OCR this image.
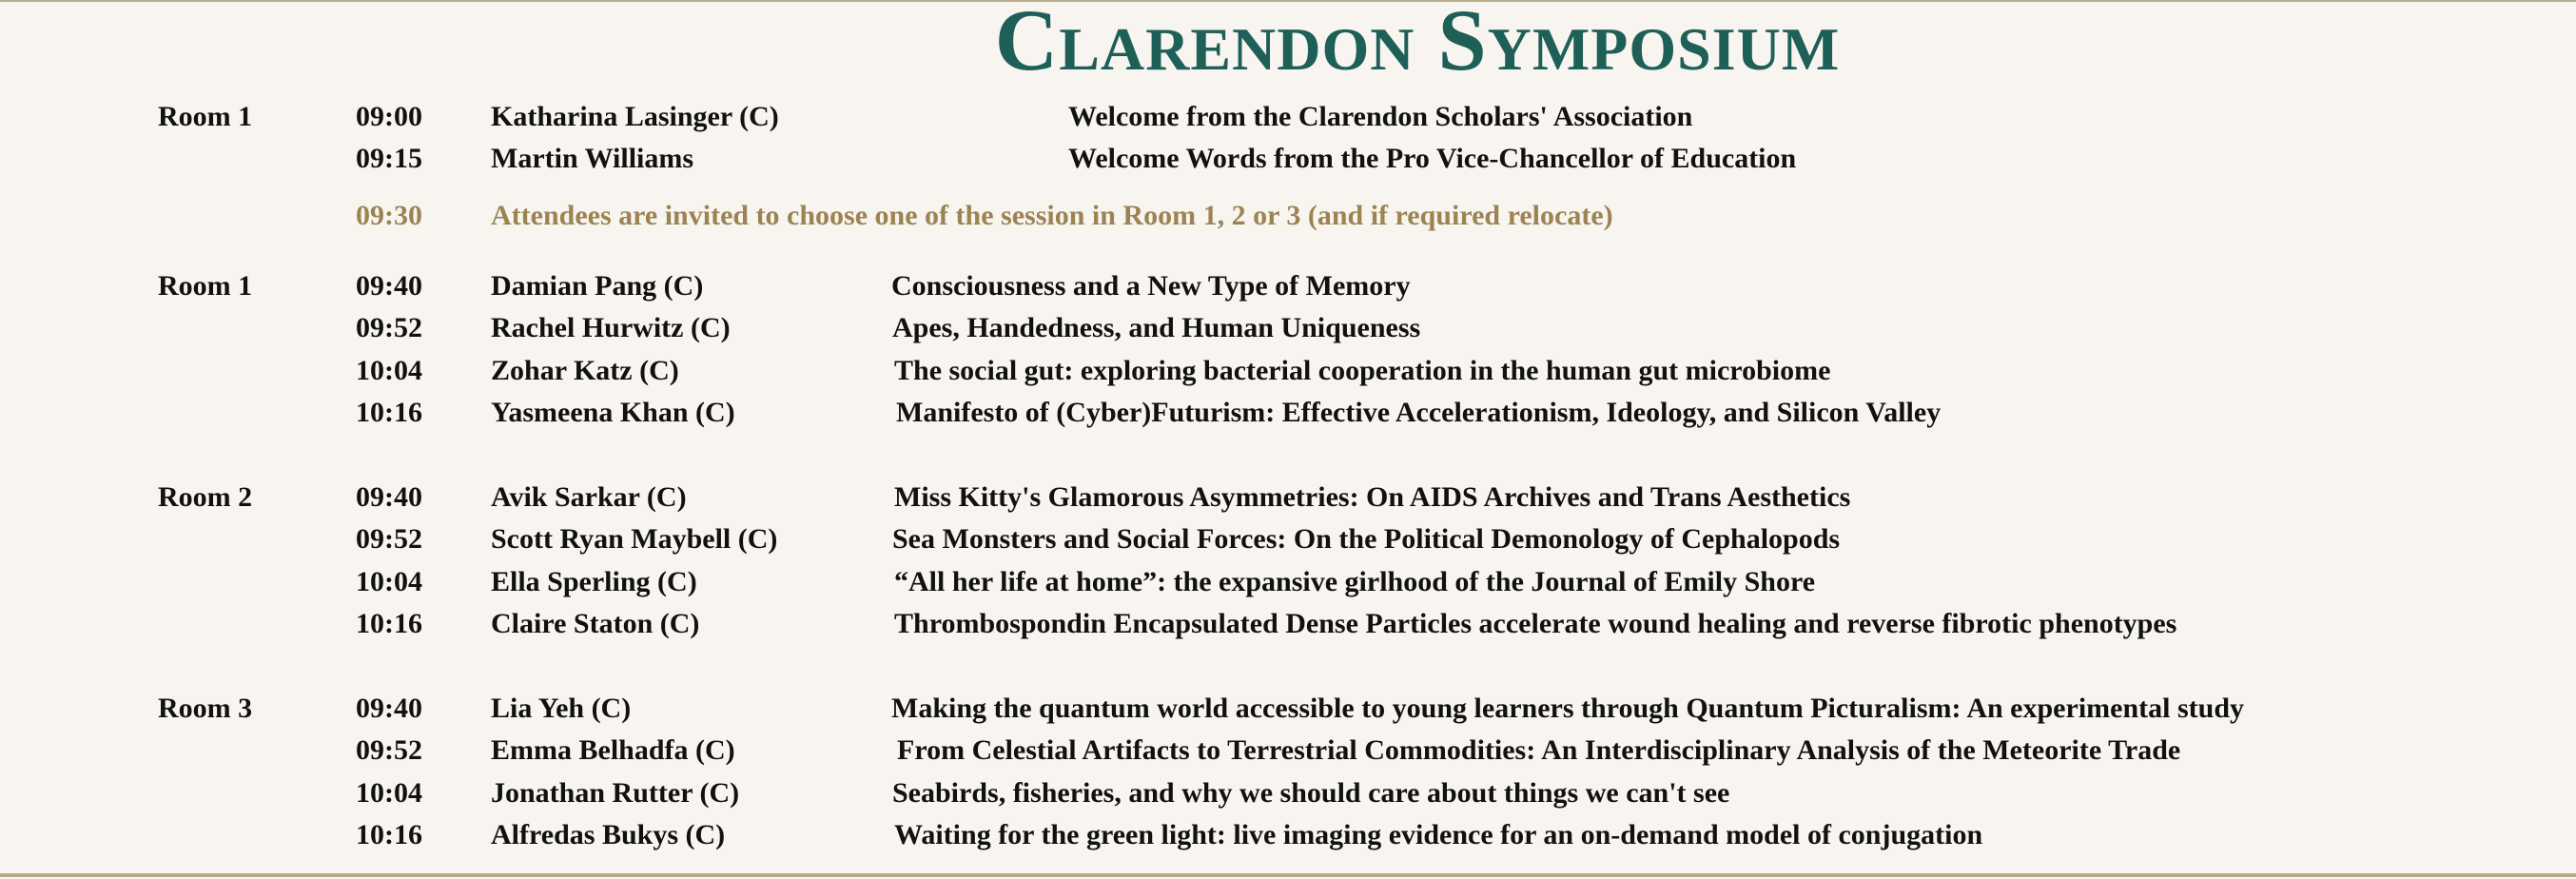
Clarendon Symposium
Room 1	09:00 Katharina Lasinger (C)	Welcome from the Clarendon Scholars' Association
09:15 Martin Williams	Welcome Words from the Pro Vice-Chancellor of Education
09:30 Attendees are invited to choose one of the session in Room 1, 2 or 3 (and if required relocate)
Room 1	09:40 Damian Pang (C)	Consciousness and a New Type of Memory
09:52 Rachel Hurwitz (C)	Apes, Handedness, and Human Uniqueness
10:04 Zohar Katz (C)	The social gut: exploring bacterial cooperation in the human gut microbiome
10:16 Yasmeena Khan (C)	Manifesto of (Cyber)Futurism: Effective Accelerationism, Ideology, and Silicon Valley
Room 2	09:40 Avik Sarkar (C)	Miss Kitty's Glamorous Asymmetries: On AIDS Archives and Trans Aesthetics
09:52 Scott Ryan Maybell (C)	Sea Monsters and Social Forces: On the Political Demonology of Cephalopods
10:04 Ella Sperling (C)	“All her life at home”: the expansive girlhood of the Journal of Emily Shore
10:16 Claire Staton (C)	Thrombospondin Encapsulated Dense Particles accelerate wound healing and reverse fibrotic phenotypes
Room 3	09:40 Lia Yeh (C)	Making the quantum world accessible to young learners through Quantum Picturalism: An experimental study
09:52 Emma Belhadfa (C)	From Celestial Artifacts to Terrestrial Commodities: An Interdisciplinary Analysis of the Meteorite Trade
10:04 Jonathan Rutter (C)	Seabirds, fisheries, and why we should care about things we can't see
10:16 Alfredas Bukys (C)	Waiting for the green light: live imaging evidence for an on-demand model of conjugation
